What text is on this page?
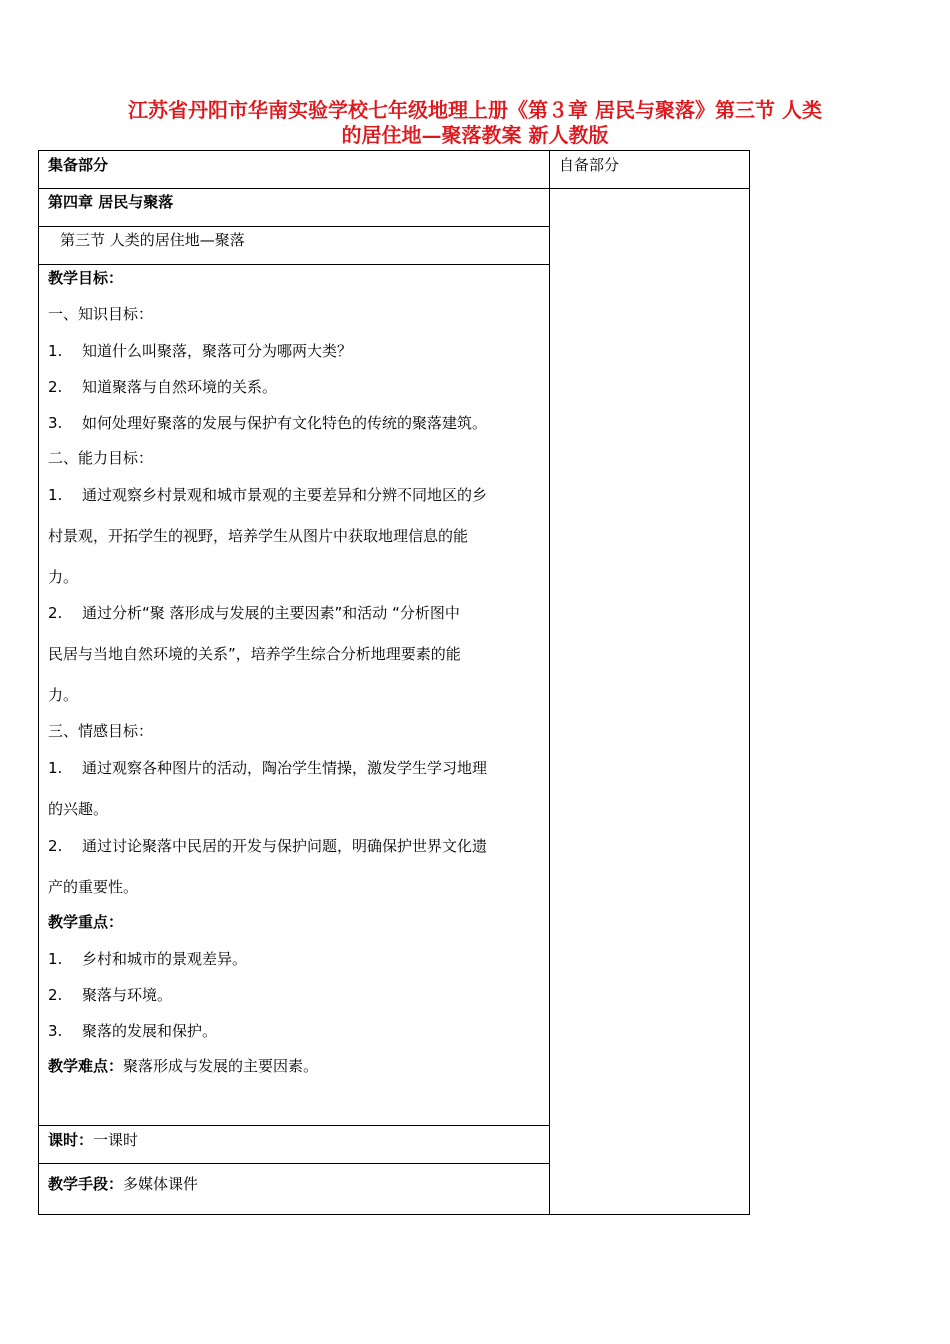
江苏省丹阳市华南实验学校七年级地理上册《第３章 居民与聚落》第三节 人类
的居住地—聚落教案 新人教版
集备部分	自备部分
第四章 居民与聚落
第三节 人类的居住地—聚落
教学目标：
一、知识目标：
1. 知道什么叫聚落，聚落可分为哪两大类？
2. 知道聚落与自然环境的关系。
3. 如何处理好聚落的发展与保护有文化特色的传统的聚落建筑。
二、能力目标：
1. 通过观察乡村景观和城市景观的主要差异和分辨不同地区的乡
村景观，开拓学生的视野，培养学生从图片中获取地理信息的能
力。
2. 通过分析“聚 落形成与发展的主要因素”和活动 “分析图中
民居与当地自然环境的关系”，培养学生综合分析地理要素的能
力。
三、情感目标：
1. 通过观察各种图片的活动，陶冶学生情操，激发学生学习地理
的兴趣。
2. 通过讨论聚落中民居的开发与保护问题，明确保护世界文化遗
产的重要性。
教学重点：
1. 乡村和城市的景观差异。
2. 聚落与环境。
3. 聚落的发展和保护。
教学难点：聚落形成与发展的主要因素。
课时：一课时
教学手段：多媒体课件
